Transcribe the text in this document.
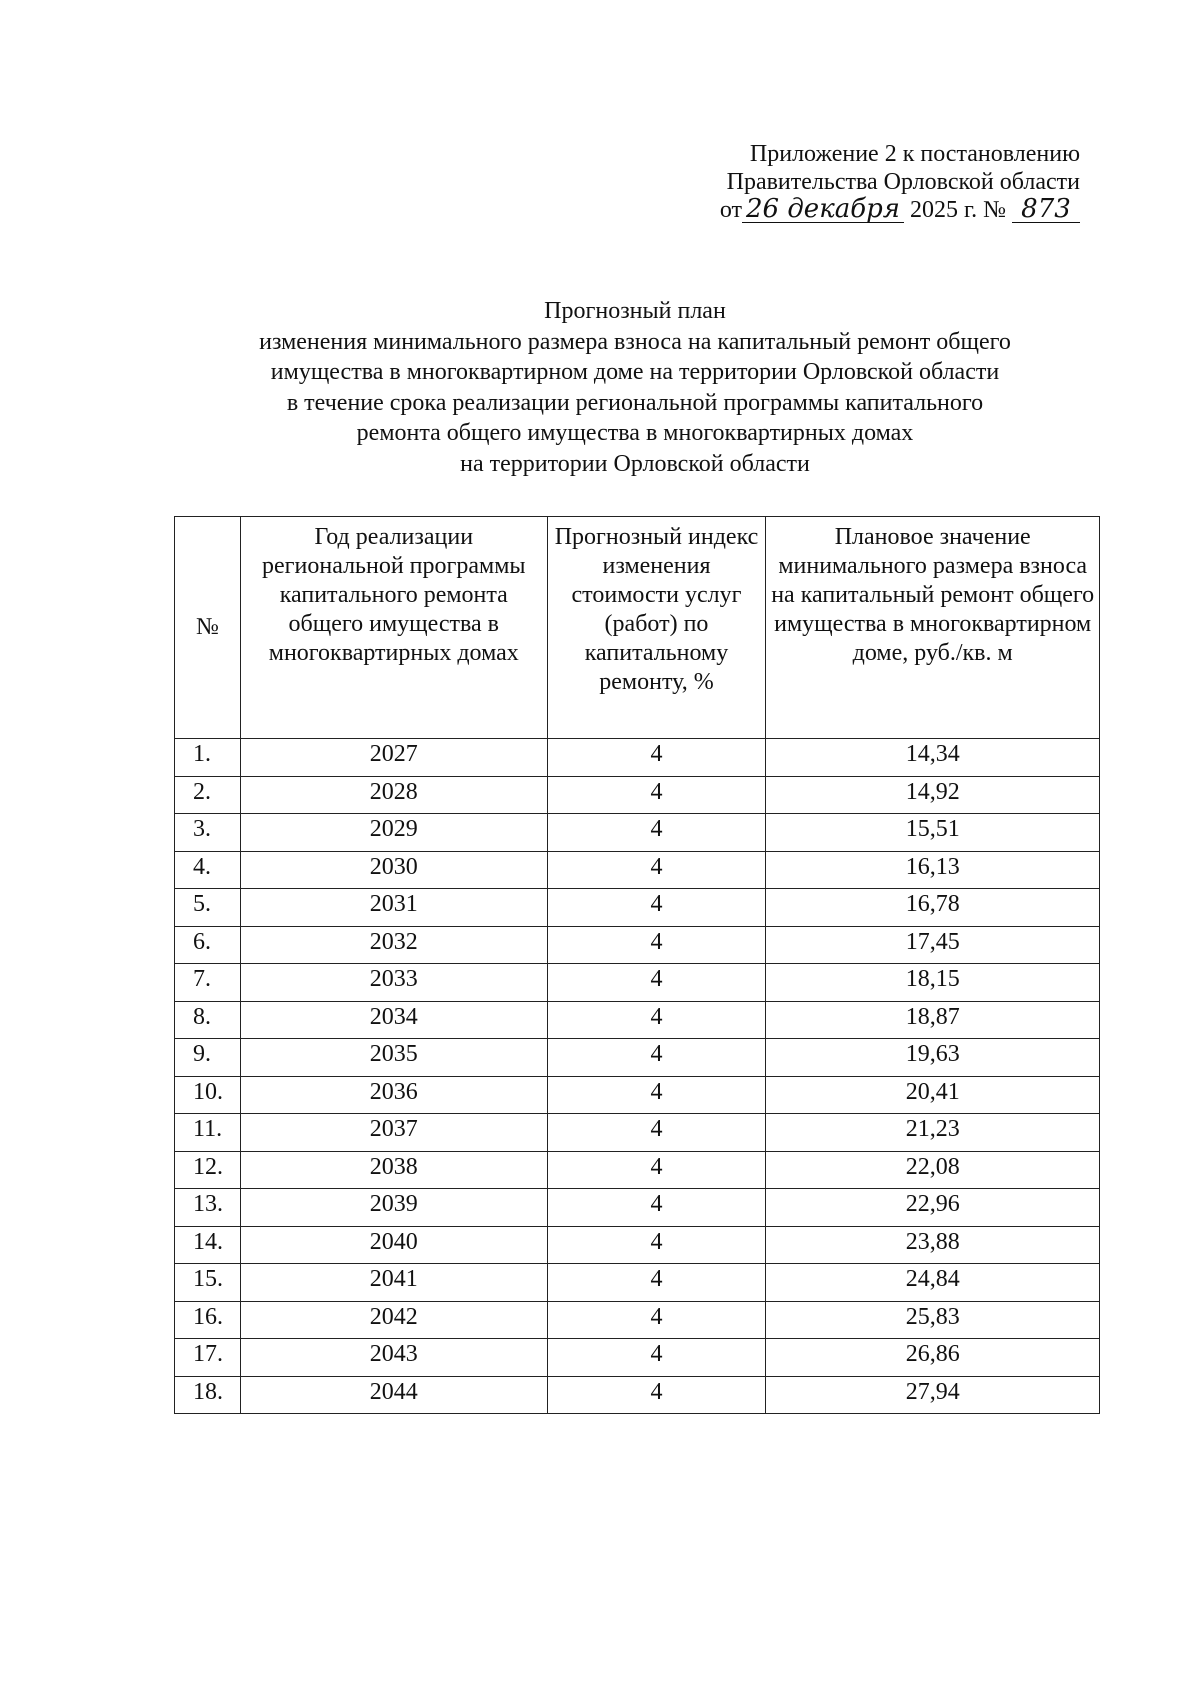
Приложение 2 к постановлению
Правительства Орловской области
от 26 декабря 2025 г. № 873
Прогнозный план
изменения минимального размера взноса на капитальный ремонт общего
имущества в многоквартирном доме на территории Орловской области
в течение срока реализации региональной программы капитального
ремонта общего имущества в многоквартирных домах
на территории Орловской области
№	Год реализации региональной программы капитального ремонта общего имущества в многоквартирных домах	Прогнозный индекс изменения стоимости услуг (работ) по капитальному ремонту, %	Плановое значение минимального размера взноса на капитальный ремонт общего имущества в многоквартирном доме, руб./кв. м
1.	2027	4	14,34
2.	2028	4	14,92
3.	2029	4	15,51
4.	2030	4	16,13
5.	2031	4	16,78
6.	2032	4	17,45
7.	2033	4	18,15
8.	2034	4	18,87
9.	2035	4	19,63
10.	2036	4	20,41
11.	2037	4	21,23
12.	2038	4	22,08
13.	2039	4	22,96
14.	2040	4	23,88
15.	2041	4	24,84
16.	2042	4	25,83
17.	2043	4	26,86
18.	2044	4	27,94
